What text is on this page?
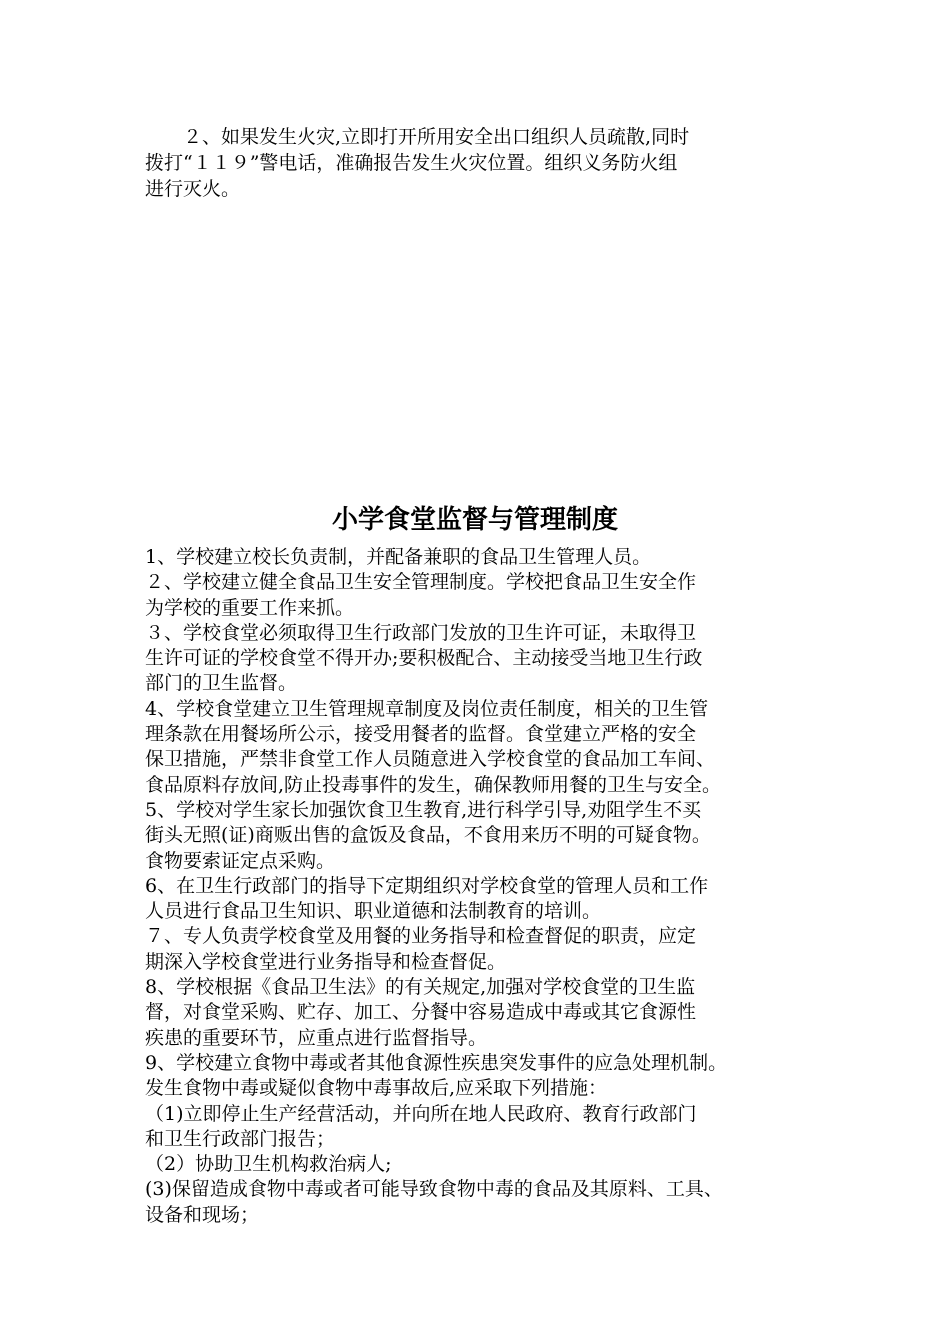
　　２、如果发生火灾,立即打开所用安全出口组织人员疏散,同时

拨打“１１９”警电话，准确报告发生火灾位置。组织义务防火组

进行灭火。

小学食堂监督与管理制度

1、学校建立校长负责制，并配备兼职的食品卫生管理人员。

２、学校建立健全食品卫生安全管理制度。学校把食品卫生安全作

为学校的重要工作来抓。

３、学校食堂必须取得卫生行政部门发放的卫生许可证，未取得卫

生许可证的学校食堂不得开办;要积极配合、主动接受当地卫生行政

部门的卫生监督。

4、学校食堂建立卫生管理规章制度及岗位责任制度，相关的卫生管

理条款在用餐场所公示，接受用餐者的监督。食堂建立严格的安全

保卫措施，严禁非食堂工作人员随意进入学校食堂的食品加工车间、

食品原料存放间,防止投毒事件的发生，确保教师用餐的卫生与安全。

5、学校对学生家长加强饮食卫生教育,进行科学引导,劝阻学生不买

街头无照(证)商贩出售的盒饭及食品，不食用来历不明的可疑食物。

食物要索证定点采购。

6、在卫生行政部门的指导下定期组织对学校食堂的管理人员和工作

人员进行食品卫生知识、职业道德和法制教育的培训。

７、专人负责学校食堂及用餐的业务指导和检查督促的职责，应定

期深入学校食堂进行业务指导和检查督促。

8、学校根据《食品卫生法》的有关规定,加强对学校食堂的卫生监

督，对食堂采购、贮存、加工、分餐中容易造成中毒或其它食源性

疾患的重要环节，应重点进行监督指导。

9、学校建立食物中毒或者其他食源性疾患突发事件的应急处理机制。

发生食物中毒或疑似食物中毒事故后,应采取下列措施：

（1)立即停止生产经营活动，并向所在地人民政府、教育行政部门

和卫生行政部门报告；

（2）协助卫生机构救治病人;

(3)保留造成食物中毒或者可能导致食物中毒的食品及其原料、工具、

设备和现场；
